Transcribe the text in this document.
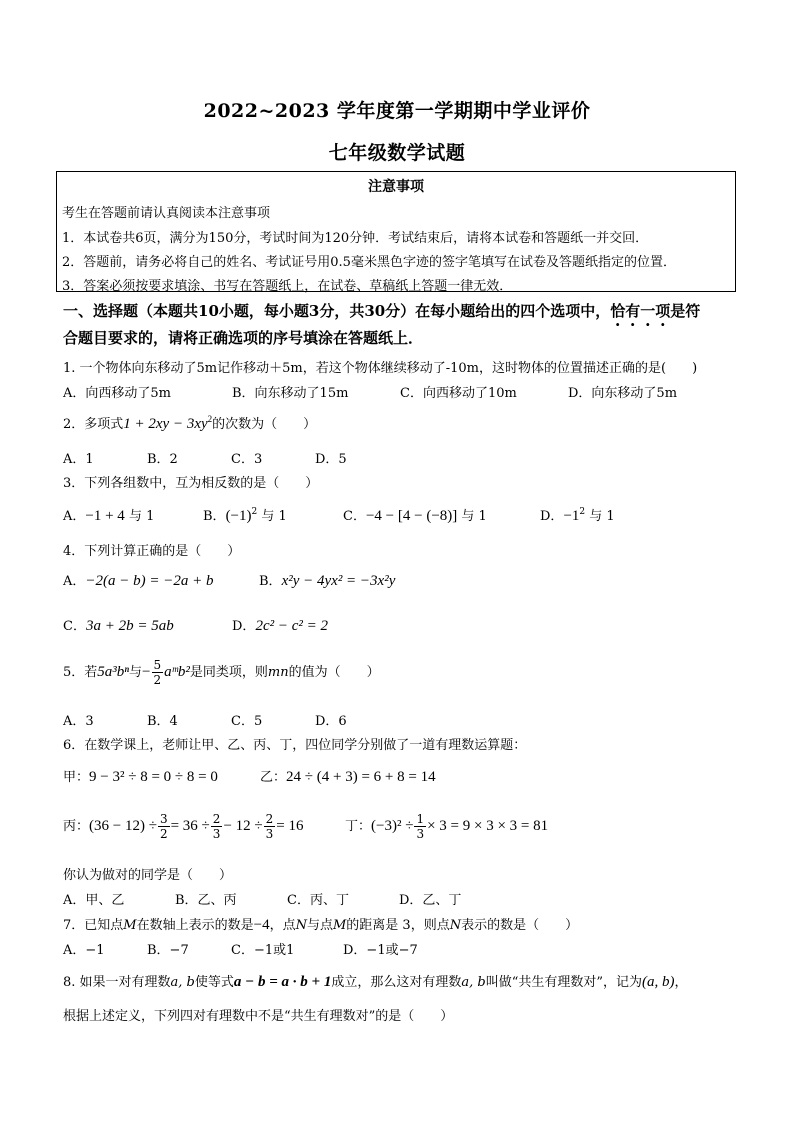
2022~2023 学年度第一学期期中学业评价
七年级数学试题
注意事项
考生在答题前请认真阅读本注意事项
1．本试卷共6页，满分为150分，考试时间为120分钟．考试结束后，请将本试卷和答题纸一并交回．
2．答题前，请务必将自己的姓名、考试证号用0.5毫米黑色字迹的签字笔填写在试卷及答题纸指定的位置．
3．答案必须按要求填涂、书写在答题纸上，在试卷、草稿纸上答题一律无效．
一、选择题（本题共10小题，每小题3分，共30分）在每小题给出的四个选项中，恰有一项是符
合题目要求的，请将正确选项的序号填涂在答题纸上．
1. 一个物体向东移动了5m记作移动＋5m，若这个物体继续移动了-10m，这时物体的位置描述正确的是(　　)
A．向西移动了5m	B．向东移动了15m	C．向西移动了10m	D．向东移动了5m
2．多项式$1 + 2xy - 3xy^2$的次数为（　　）
A．1	B．2	C．3	D．5
3．下列各组数中，互为相反数的是（　　）
A．−1 + 4 与 1	B．$(-1)^2$ 与 1	C．−4 − [4 − (−8)] 与 1	D．$-1^2$ 与 1
4．下列计算正确的是（　　）
A．−2(a − b) = −2a + b	B．x²y − 4yx² = −3x²y
C．3a + 2b = 5ab	D．2c² − c² = 2
5．若5a³bⁿ与− $\frac{5}{2}$ aᵐb²是同类项，则mn的值为（　　）
A．3	B．4	C．5	D．6
6．在数学课上，老师让甲、乙、丙、丁，四位同学分别做了一道有理数运算题：
甲：9 − 3² ÷ 8 = 0 ÷ 8 = 0	乙：24 ÷ (4 + 3) = 6 + 8 = 14
丙：$(36 - 12) \div \frac{3}{2} = 36 \div \frac{2}{3} - 12 \div \frac{2}{3} = 16$	丁：$(-3)^2 \div \frac{1}{3} \times 3 = 9 \times 3 \times 3 = 81$
你认为做对的同学是（　　）
A．甲、乙	B．乙、丙	C．丙、丁	D．乙、丁
7．已知点M在数轴上表示的数是−4，点N与点M的距离是 3，则点N表示的数是（　　）
A．−1	B．−7	C．−1或1	D．−1或−7
8. 如果一对有理数a, b使等式a − b = a · b + 1成立，那么这对有理数a, b叫做“共生有理数对”，记为(a, b)，
根据上述定义，下列四对有理数中不是“共生有理数对”的是（　　）
